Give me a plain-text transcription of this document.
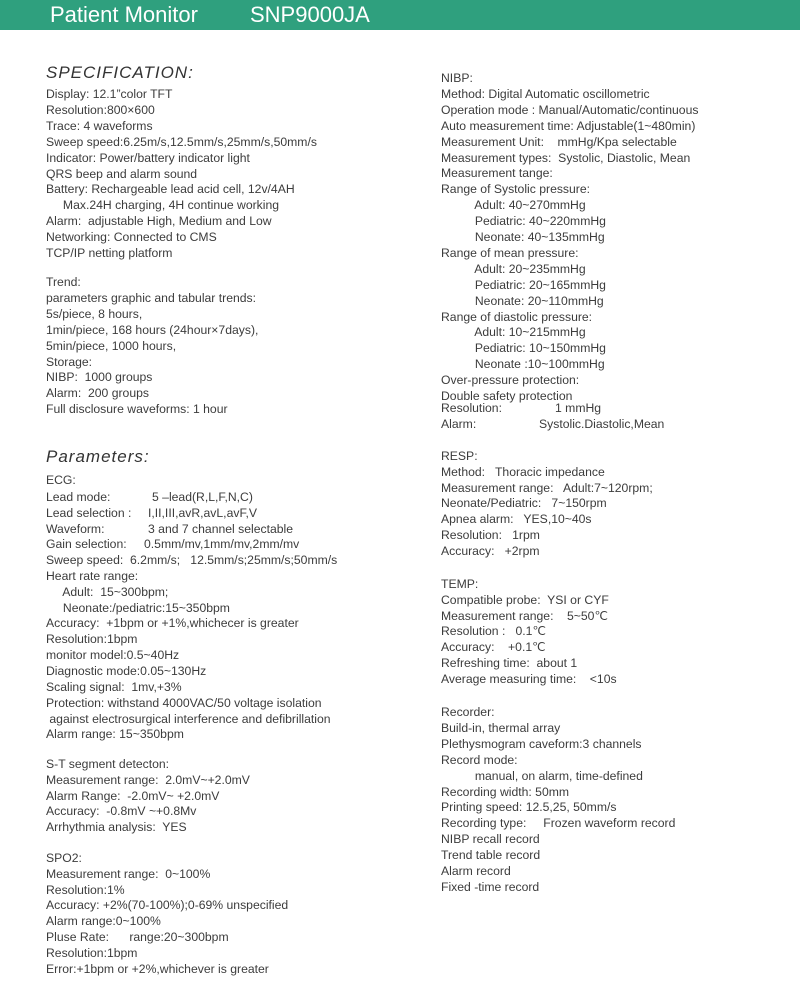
Patient Monitor SNP9000JA
SPECIFICATION:
Display: 12.1”color TFT
Resolution:800×600
Trace: 4 waveforms
Sweep speed:6.25m/s,12.5mm/s,25mm/s,50mm/s
Indicator: Power/battery indicator light
QRS beep and alarm sound
Battery: Rechargeable lead acid cell, 12v/4AH
Max.24H charging, 4H continue working
Alarm:  adjustable High, Medium and Low
Networking: Connected to CMS
TCP/IP netting platform
Trend:
parameters graphic and tabular trends:
5s/piece, 8 hours,
1min/piece, 168 hours (24hour×7days),
5min/piece, 1000 hours,
Storage:
NIBP:  1000 groups
Alarm:  200 groups
Full disclosure waveforms: 1 hour
Parameters:
ECG:
Lead mode:	5 –lead(R,L,F,N,C)
Lead selection : I,II,III,avR,avL,avF,V
Waveform:	3 and 7 channel selectable
Gain selection: 0.5mm/mv,1mm/mv,2mm/mv
Sweep speed:  6.2mm/s;   12.5mm/s;25mm/s;50mm/s
Heart rate range:
Adult:  15~300bpm;
Neonate:/pediatric:15~350bpm
Accuracy:  +1bpm or +1%,whichecer is greater
Resolution:1bpm
monitor model:0.5~40Hz
Diagnostic mode:0.05~130Hz
Scaling signal:  1mv,+3%
Protection: withstand 4000VAC/50 voltage isolation
against electrosurgical interference and defibrillation
Alarm range: 15~350bpm
S-T segment detecton:
Measurement range:  2.0mV~+2.0mV
Alarm Range:  -2.0mV~ +2.0mV
Accuracy:  -0.8mV ~+0.8Mv
Arrhythmia analysis:  YES
SPO2:
Measurement range:  0~100%
Resolution:1%
Accuracy: +2%(70-100%);0-69% unspecified
Alarm range:0~100%
Pluse Rate:      range:20~300bpm
Resolution:1bpm
Error:+1bpm or +2%,whichever is greater
NIBP:
Method: Digital Automatic oscillometric
Operation mode : Manual/Automatic/continuous
Auto measurement time: Adjustable(1~480min)
Measurement Unit:    mmHg/Kpa selectable
Measurement types:  Systolic, Diastolic, Mean
Measurement tange:
Range of Systolic pressure:
Adult: 40~270mmHg
Pediatric: 40~220mmHg
Neonate: 40~135mmHg
Range of mean pressure:
Adult: 20~235mmHg
Pediatric: 20~165mmHg
Neonate: 20~110mmHg
Range of diastolic pressure:
Adult: 10~215mmHg
Pediatric: 10~150mmHg
Neonate :10~100mmHg
Over-pressure protection:
Double safety protection
Resolution:	1 mmHg
Alarm:	Systolic.Diastolic,Mean
RESP:
Method:   Thoracic impedance
Measurement range:   Adult:7~120rpm;
Neonate/Pediatric:   7~150rpm
Apnea alarm:   YES,10~40s
Resolution:   1rpm
Accuracy:   +2rpm
TEMP:
Compatible probe:  YSI or CYF
Measurement range:    5~50℃
Resolution :   0.1℃
Accuracy:    +0.1℃
Refreshing time:  about 1
Average measuring time:    <10s
Recorder:
Build-in, thermal array
Plethysmogram caveform:3 channels
Record mode:
manual, on alarm, time-defined
Recording width: 50mm
Printing speed: 12.5,25, 50mm/s
Recording type:     Frozen waveform record
NIBP recall record
Trend table record
Alarm record
Fixed -time record
